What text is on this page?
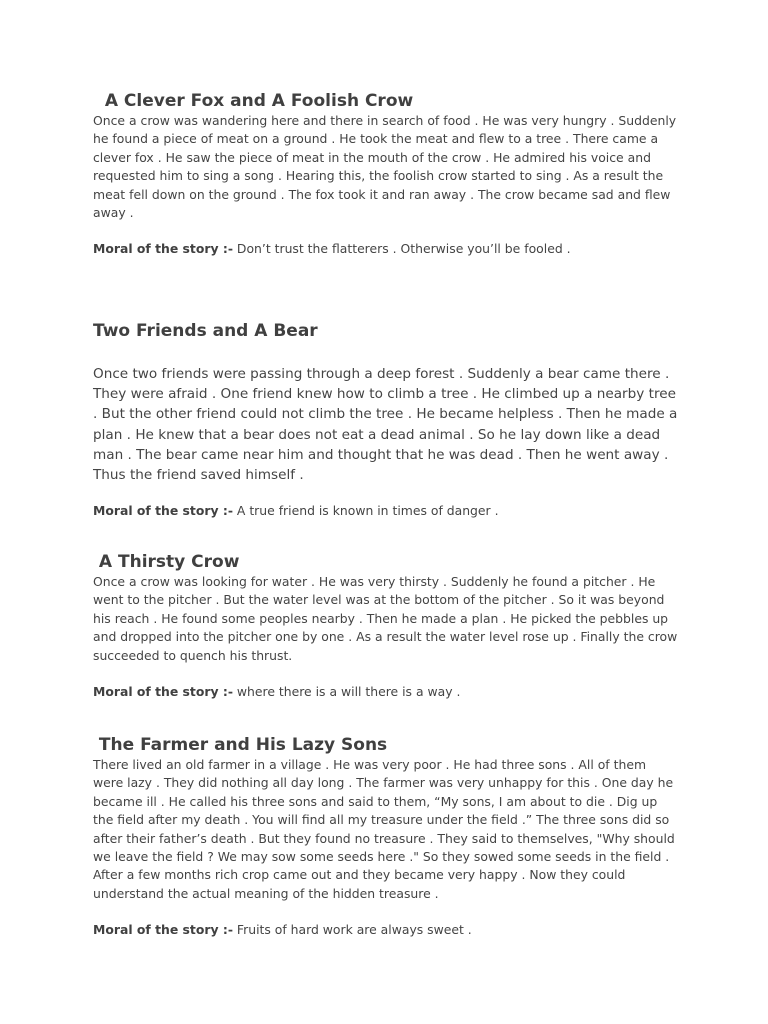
A Clever Fox and A Foolish Crow

Once a crow was wandering here and there in search of food . He was very hungry . Suddenly he found a piece of meat on a ground . He took the meat and flew to a tree . There came a clever fox . He saw the piece of meat in the mouth of the crow . He admired his voice and requested him to sing a song . Hearing this, the foolish crow started to sing . As a result the meat fell down on the ground . The fox took it and ran away . The crow became sad and flew away .

Moral of the story :- Don’t trust the flatterers . Otherwise you’ll be fooled .

Two Friends and A Bear

Once two friends were passing through a deep forest . Suddenly a bear came there . They were afraid . One friend knew how to climb a tree . He climbed up a nearby tree . But the other friend could not climb the tree . He became helpless . Then he made a plan . He knew that a bear does not eat a dead animal . So he lay down like a dead man . The bear came near him and thought that he was dead . Then he went away . Thus the friend saved himself .

Moral of the story :- A true friend is known in times of danger .

A Thirsty Crow

Once a crow was looking for water . He was very thirsty . Suddenly he found a pitcher . He went to the pitcher . But the water level was at the bottom of the pitcher . So it was beyond his reach . He found some peoples nearby . Then he made a plan . He picked the pebbles up and dropped into the pitcher one by one . As a result the water level rose up . Finally the crow succeeded to quench his thrust.

Moral of the story :- where there is a will there is a way .

The Farmer and His Lazy Sons

There lived an old farmer in a village . He was very poor . He had three sons . All of them were lazy . They did nothing all day long . The farmer was very unhappy for this . One day he became ill . He called his three sons and said to them, “My sons, I am about to die . Dig up the field after my death . You will find all my treasure under the field .” The three sons did so after their father’s death . But they found no treasure . They said to themselves, "Why should we leave the field ? We may sow some seeds here ." So they sowed some seeds in the field . After a few months rich crop came out and they became very happy . Now they could understand the actual meaning of the hidden treasure .

Moral of the story :- Fruits of hard work are always sweet .
